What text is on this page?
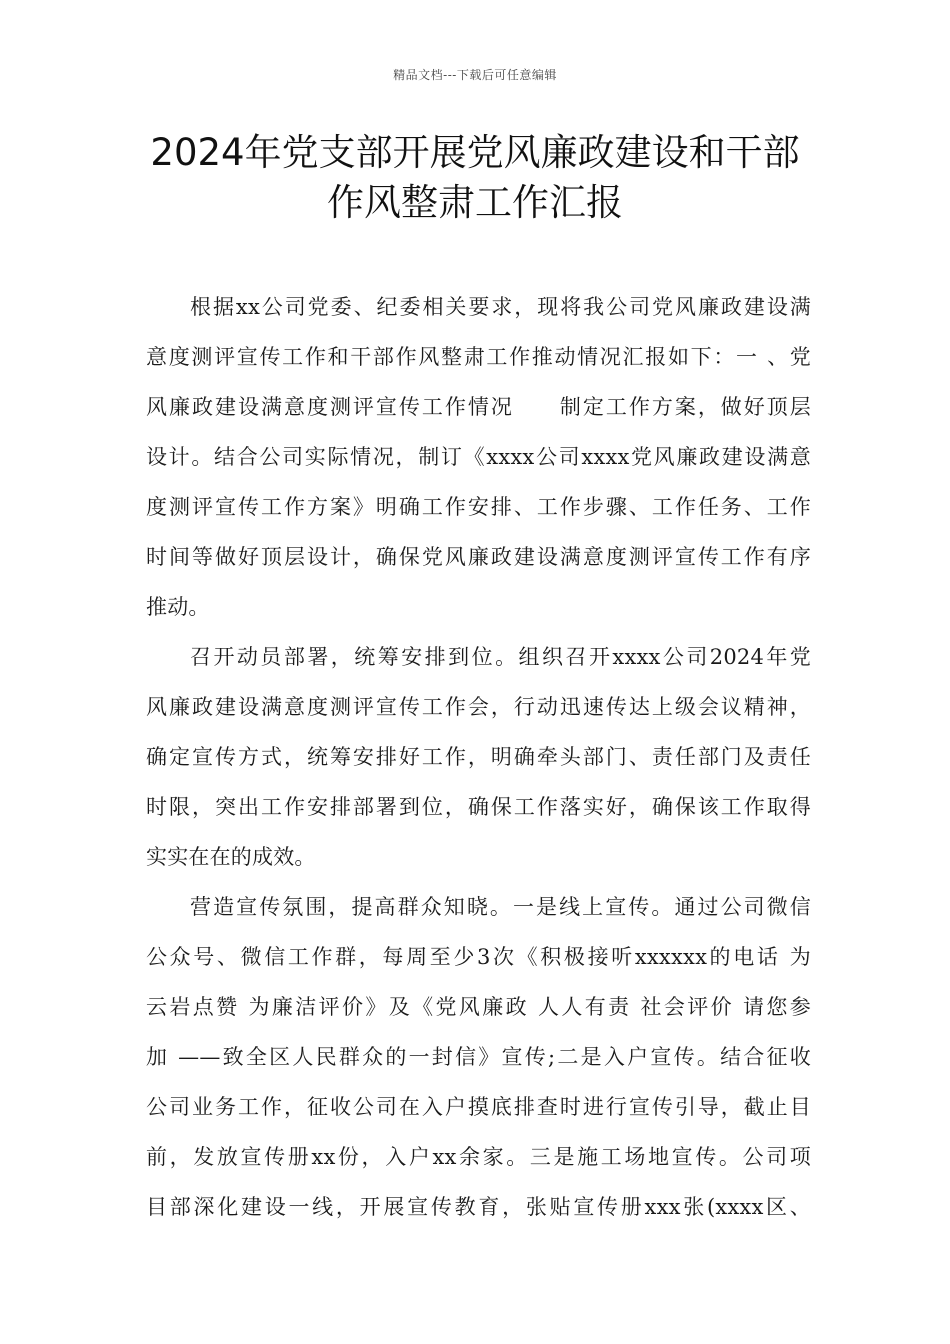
精品文档---下载后可任意编辑
2024年党支部开展党风廉政建设和干部
作风整肃工作汇报
根据xx公司党委、纪委相关要求，现将我公司党风廉政建设满
意度测评宣传工作和干部作风整肃工作推动情况汇报如下：一 、党
风廉政建设满意度测评宣传工作情况　　制定工作方案，做好顶层
设计。结合公司实际情况，制订《xxxx公司xxxx党风廉政建设满意
度测评宣传工作方案》明确工作安排、工作步骤、工作任务、工作
时间等做好顶层设计，确保党风廉政建设满意度测评宣传工作有序
推动。
召开动员部署，统筹安排到位。组织召开xxxx公司2024年党
风廉政建设满意度测评宣传工作会，行动迅速传达上级会议精神，
确定宣传方式，统筹安排好工作，明确牵头部门、责任部门及责任
时限，突出工作安排部署到位，确保工作落实好，确保该工作取得
实实在在的成效。
营造宣传氛围，提高群众知晓。一是线上宣传。通过公司微信
公众号、微信工作群，每周至少3次《积极接听xxxxxx的电话 为
云岩点赞 为廉洁评价》及《党风廉政 人人有责 社会评价 请您参
加 ——致全区人民群众的一封信》宣传;二是入户宣传。结合征收
公司业务工作，征收公司在入户摸底排查时进行宣传引导，截止目
前，发放宣传册xx份，入户xx余家。三是施工场地宣传。公司项
目部深化建设一线，开展宣传教育，张贴宣传册xxx张(xxxx区、
